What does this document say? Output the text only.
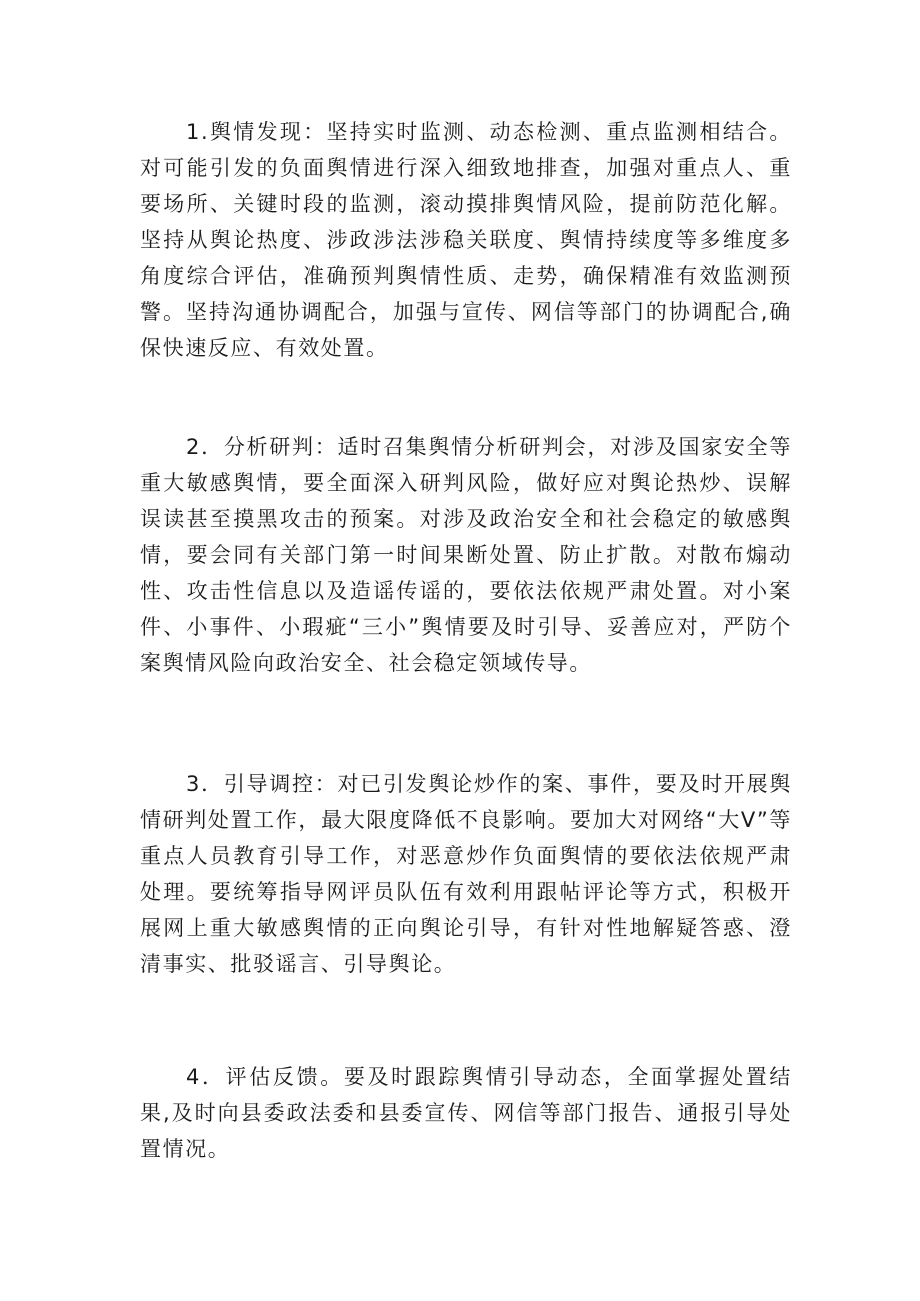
1.舆情发现：坚持实时监测、动态检测、重点监测相结合。对可能引发的负面舆情进行深入细致地排查，加强对重点人、重要场所、关键时段的监测，滚动摸排舆情风险，提前防范化解。坚持从舆论热度、涉政涉法涉稳关联度、舆情持续度等多维度多角度综合评估，准确预判舆情性质、走势，确保精准有效监测预警。坚持沟通协调配合，加强与宣传、网信等部门的协调配合,确保快速反应、有效处置。

2．分析研判：适时召集舆情分析研判会，对涉及国家安全等重大敏感舆情，要全面深入研判风险，做好应对舆论热炒、误解误读甚至摸黑攻击的预案。对涉及政治安全和社会稳定的敏感舆情，要会同有关部门第一时间果断处置、防止扩散。对散布煽动性、攻击性信息以及造谣传谣的，要依法依规严肃处置。对小案件、小事件、小瑕疵“三小”舆情要及时引导、妥善应对，严防个案舆情风险向政治安全、社会稳定领域传导。

3．引导调控：对已引发舆论炒作的案、事件，要及时开展舆情研判处置工作，最大限度降低不良影响。要加大对网络“大V”等重点人员教育引导工作，对恶意炒作负面舆情的要依法依规严肃处理。要统筹指导网评员队伍有效利用跟帖评论等方式，积极开展网上重大敏感舆情的正向舆论引导，有针对性地解疑答惑、澄清事实、批驳谣言、引导舆论。

4．评估反馈。要及时跟踪舆情引导动态，全面掌握处置结果,及时向县委政法委和县委宣传、网信等部门报告、通报引导处置情况。
